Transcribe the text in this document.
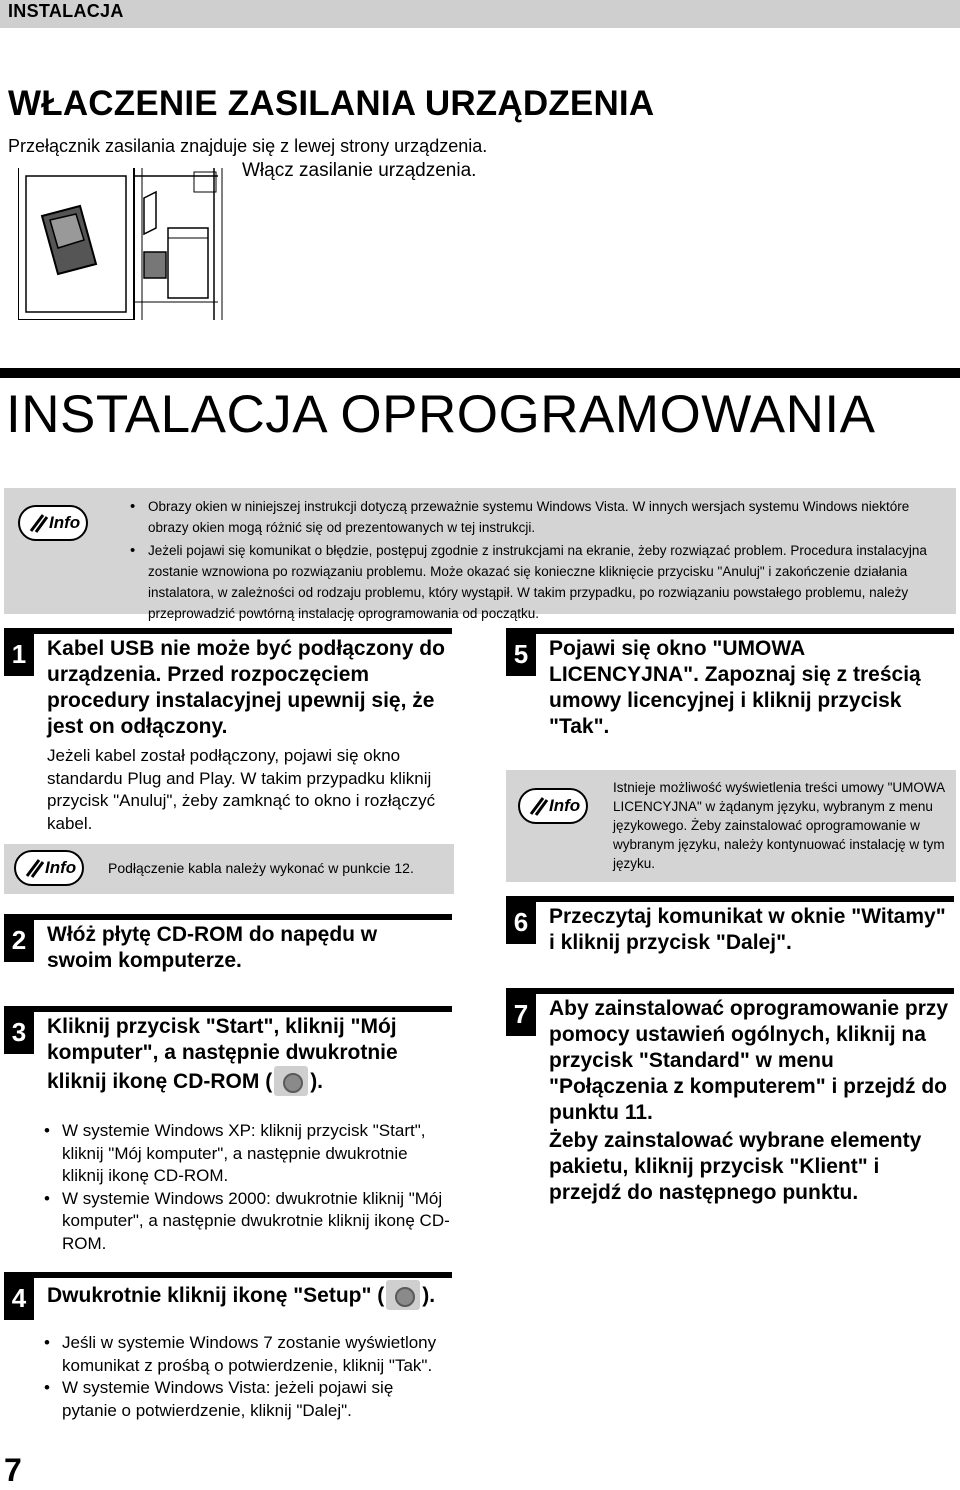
INSTALACJA
WŁACZENIE ZASILANIA URZĄDZENIA
Przełącznik zasilania znajduje się z lewej strony urządzenia.
Włącz zasilanie urządzenia.
INSTALACJA OPROGRAMOWANIA
Info
• Obrazy okien w niniejszej instrukcji dotyczą przeważnie systemu Windows Vista. W innych wersjach systemu Windows niektóre obrazy okien mogą różnić się od prezentowanych w tej instrukcji.
• Jeżeli pojawi się komunikat o błędzie, postępuj zgodnie z instrukcjami na ekranie, żeby rozwiązać problem. Procedura instalacyjna zostanie wznowiona po rozwiązaniu problemu. Może okazać się konieczne kliknięcie przycisku "Anuluj" i zakończenie działania instalatora, w zależności od rodzaju problemu, który wystąpił. W takim przypadku, po rozwiązaniu powstałego problemu, należy przeprowadzić powtórną instalację oprogramowania od początku.
1 Kabel USB nie może być podłączony do urządzenia. Przed rozpoczęciem procedury instalacyjnej upewnij się, że jest on odłączony.
Jeżeli kabel został podłączony, pojawi się okno standardu Plug and Play. W takim przypadku kliknij przycisk "Anuluj", żeby zamknąć to okno i rozłączyć kabel.
Info Podłączenie kabla należy wykonać w punkcie 12.
2 Włóż płytę CD-ROM do napędu w swoim komputerze.
3 Kliknij przycisk "Start", kliknij "Mój komputer", a następnie dwukrotnie kliknij ikonę CD-ROM ( ).
• W systemie Windows XP: kliknij przycisk "Start", kliknij "Mój komputer", a następnie dwukrotnie kliknij ikonę CD-ROM.
• W systemie Windows 2000: dwukrotnie kliknij "Mój komputer", a następnie dwukrotnie kliknij ikonę CD-ROM.
4 Dwukrotnie kliknij ikonę "Setup" ( ).
• Jeśli w systemie Windows 7 zostanie wyświetlony komunikat z prośbą o potwierdzenie, kliknij "Tak".
• W systemie Windows Vista: jeżeli pojawi się pytanie o potwierdzenie, kliknij "Dalej".
5 Pojawi się okno "UMOWA LICENCYJNA". Zapoznaj się z treścią umowy licencyjnej i kliknij przycisk "Tak".
Info
Istnieje możliwość wyświetlenia treści umowy "UMOWA LICENCYJNA" w żądanym języku, wybranym z menu językowego. Żeby zainstalować oprogramowanie w wybranym języku, należy kontynuować instalację w tym języku.
6 Przeczytaj komunikat w oknie "Witamy" i kliknij przycisk "Dalej".
7 Aby zainstalować oprogramowanie przy pomocy ustawień ogólnych, kliknij na przycisk "Standard" w menu "Połączenia z komputerem" i przejdź do punktu 11.
Żeby zainstalować wybrane elementy pakietu, kliknij przycisk "Klient" i przejdź do następnego punktu.
7
